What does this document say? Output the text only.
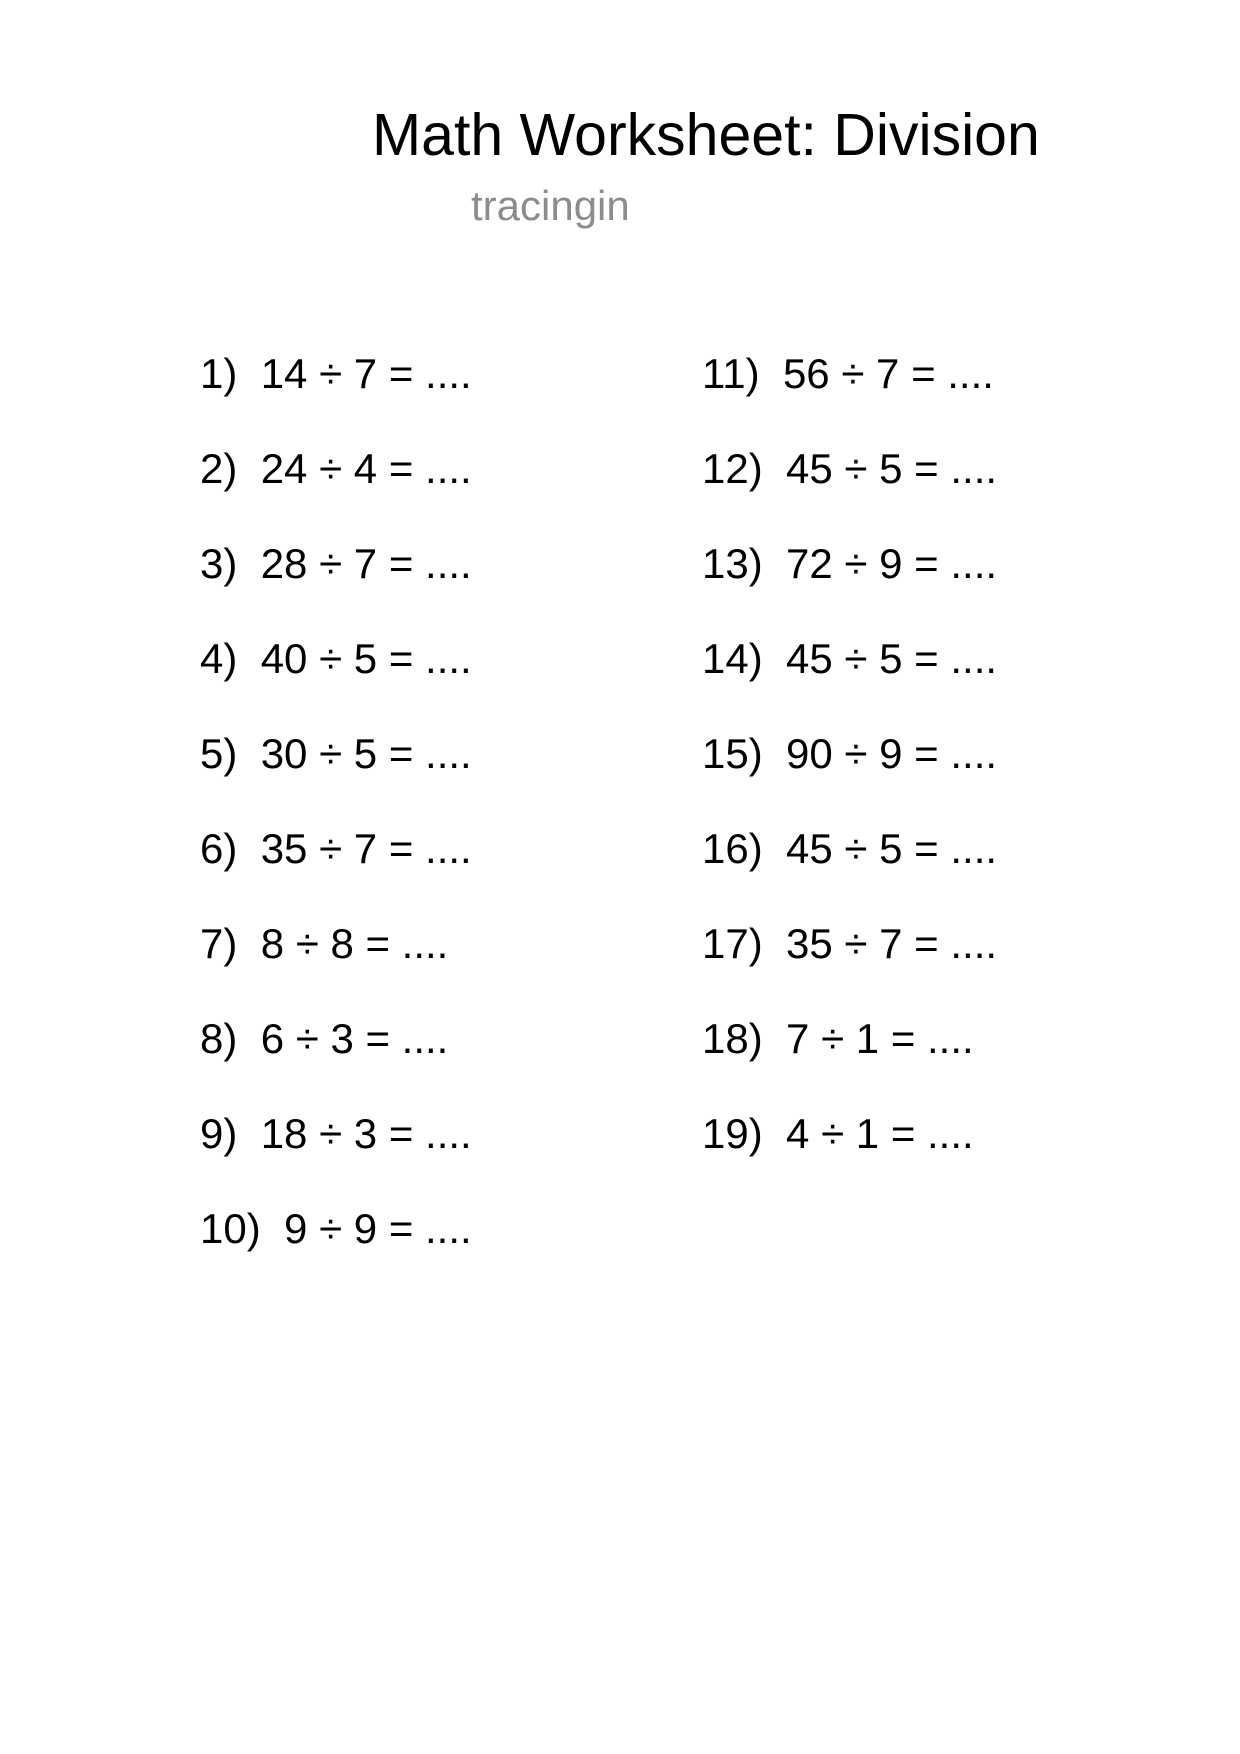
Math Worksheet: Division
tracingin
1) 14 ÷ 7 = ....
2) 24 ÷ 4 = ....
3) 28 ÷ 7 = ....
4) 40 ÷ 5 = ....
5) 30 ÷ 5 = ....
6) 35 ÷ 7 = ....
7) 8 ÷ 8 = ....
8) 6 ÷ 3 = ....
9) 18 ÷ 3 = ....
10) 9 ÷ 9 = ....
11) 56 ÷ 7 = ....
12) 45 ÷ 5 = ....
13) 72 ÷ 9 = ....
14) 45 ÷ 5 = ....
15) 90 ÷ 9 = ....
16) 45 ÷ 5 = ....
17) 35 ÷ 7 = ....
18) 7 ÷ 1 = ....
19) 4 ÷ 1 = ....
